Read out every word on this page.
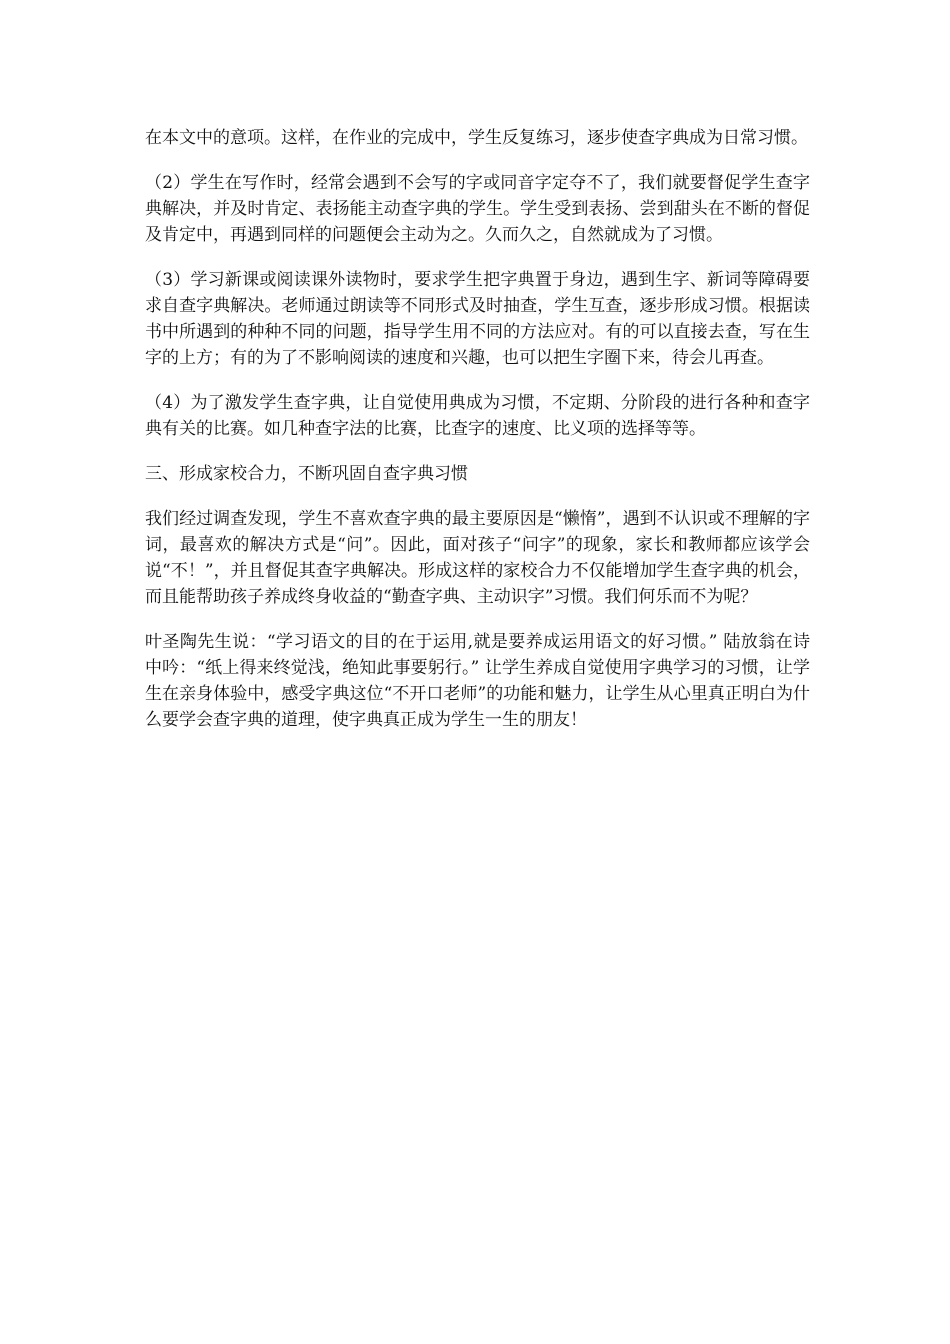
在本文中的意项。这样，在作业的完成中，学生反复练习，逐步使查字典成为日常习惯。

（2）学生在写作时，经常会遇到不会写的字或同音字定夺不了，我们就要督促学生查字典解决，并及时肯定、表扬能主动查字典的学生。学生受到表扬、尝到甜头在不断的督促及肯定中，再遇到同样的问题便会主动为之。久而久之，自然就成为了习惯。

（3）学习新课或阅读课外读物时，要求学生把字典置于身边，遇到生字、新词等障碍要求自查字典解决。老师通过朗读等不同形式及时抽查，学生互查，逐步形成习惯。根据读书中所遇到的种种不同的问题，指导学生用不同的方法应对。有的可以直接去查，写在生字的上方；有的为了不影响阅读的速度和兴趣，也可以把生字圈下来，待会儿再查。

（4）为了激发学生查字典，让自觉使用典成为习惯，不定期、分阶段的进行各种和查字典有关的比赛。如几种查字法的比赛，比查字的速度、比义项的选择等等。

三、形成家校合力，不断巩固自查字典习惯

我们经过调查发现，学生不喜欢查字典的最主要原因是“懒惰”，遇到不认识或不理解的字词，最喜欢的解决方式是“问”。因此，面对孩子“问字”的现象，家长和教师都应该学会说“不！”，并且督促其查字典解决。形成这样的家校合力不仅能增加学生查字典的机会，而且能帮助孩子养成终身收益的“勤查字典、主动识字”习惯。我们何乐而不为呢？

叶圣陶先生说：“学习语文的目的在于运用,就是要养成运用语文的好习惯。” 陆放翁在诗中吟：“纸上得来终觉浅，绝知此事要躬行。” 让学生养成自觉使用字典学习的习惯，让学生在亲身体验中，感受字典这位“不开口老师”的功能和魅力，让学生从心里真正明白为什么要学会查字典的道理，使字典真正成为学生一生的朋友！
